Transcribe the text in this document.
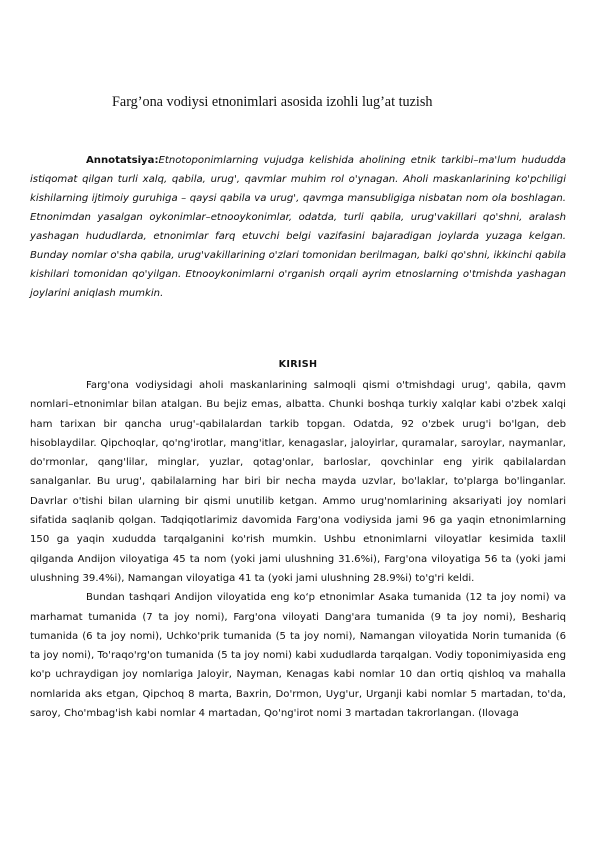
Farg’ona vodiysi etnonimlari asosida izohli lug’at tuzish
Annotatsiya:Etnotoponimlarning vujudga kelishida aholining etnik tarkibi–ma'lum hududda istiqomat qilgan turli xalq, qabila, urug', qavmlar muhim rol o'ynagan. Aholi maskanlarining ko'pchiligi kishilarning ijtimoiy guruhiga – qaysi qabila va urug', qavmga mansubligiga nisbatan nom ola boshlagan. Etnonimdan yasalgan oykonimlar–etnooykonimlar, odatda, turli qabila, urug'vakillari qo'shni, aralash yashagan hududlarda, etnonimlar farq etuvchi belgi vazifasini bajaradigan joylarda yuzaga kelgan. Bunday nomlar o'sha qabila, urug'vakillarining o'zlari tomonidan berilmagan, balki qo'shni, ikkinchi qabila kishilari tomonidan qo'yilgan. Etnooykonimlarni o'rganish orqali ayrim etnoslarning o'tmishda yashagan joylarini aniqlash mumkin.
KIRISH

Farg'ona vodiysidagi aholi maskanlarining salmoqli qismi o'tmishdagi urug', qabila, qavm nomlari–etnonimlar bilan atalgan. Bu bejiz emas, albatta. Chunki boshqa turkiy xalqlar kabi o'zbek xalqi ham tarixan bir qancha urug'-qabilalardan tarkib topgan. Odatda, 92 o'zbek urug'i bo'lgan, deb hisoblaydilar. Qipchoqlar, qo'ng'irotlar, mang'itlar, kenagaslar, jaloyirlar, quramalar, saroylar, naymanlar, do'rmonlar, qang'lilar, minglar, yuzlar, qotag'onlar, barloslar, qovchinlar eng yirik qabilalardan sanalganlar. Bu urug', qabilalarning har biri bir necha mayda uzvlar, bo'laklar, to'plarga bo'linganlar. Davrlar o'tishi bilan ularning bir qismi unutilib ketgan. Ammo urug'nomlarining aksariyati joy nomlari sifatida saqlanib qolgan. Tadqiqotlarimiz davomida Farg'ona vodiysida jami 96 ga yaqin etnonimlarning 150 ga yaqin xududda tarqalganini ko'rish mumkin. Ushbu etnonimlarni viloyatlar kesimida taxlil qilganda Andijon viloyatiga 45 ta nom (yoki jami ulushning 31.6%i), Farg'ona viloyatiga 56 ta (yoki jami ulushning 39.4%i), Namangan viloyatiga 41 ta (yoki jami ulushning 28.9%i) to'g'ri keldi.

Bundan tashqari Andijon viloyatida eng ko‘p etnonimlar Asaka tumanida (12 ta joy nomi) va marhamat tumanida (7 ta joy nomi), Farg'ona viloyati Dang'ara tumanida (9 ta joy nomi), Beshariq tumanida (6 ta joy nomi), Uchko'prik tumanida (5 ta joy nomi), Namangan viloyatida Norin tumanida (6 ta joy nomi), To'raqo'rg'on tumanida (5 ta joy nomi) kabi xududlarda tarqalgan. Vodiy toponimiyasida eng ko'p uchraydigan joy nomlariga Jaloyir, Nayman, Kenagas kabi nomlar 10 dan ortiq qishloq va mahalla nomlarida aks etgan, Qipchoq 8 marta, Baxrin, Do'rmon, Uyg'ur, Urganji kabi nomlar 5 martadan, to'da, saroy, Cho'mbag'ish kabi nomlar 4 martadan, Qo'ng'irot nomi 3 martadan takrorlangan. (Ilovaga
